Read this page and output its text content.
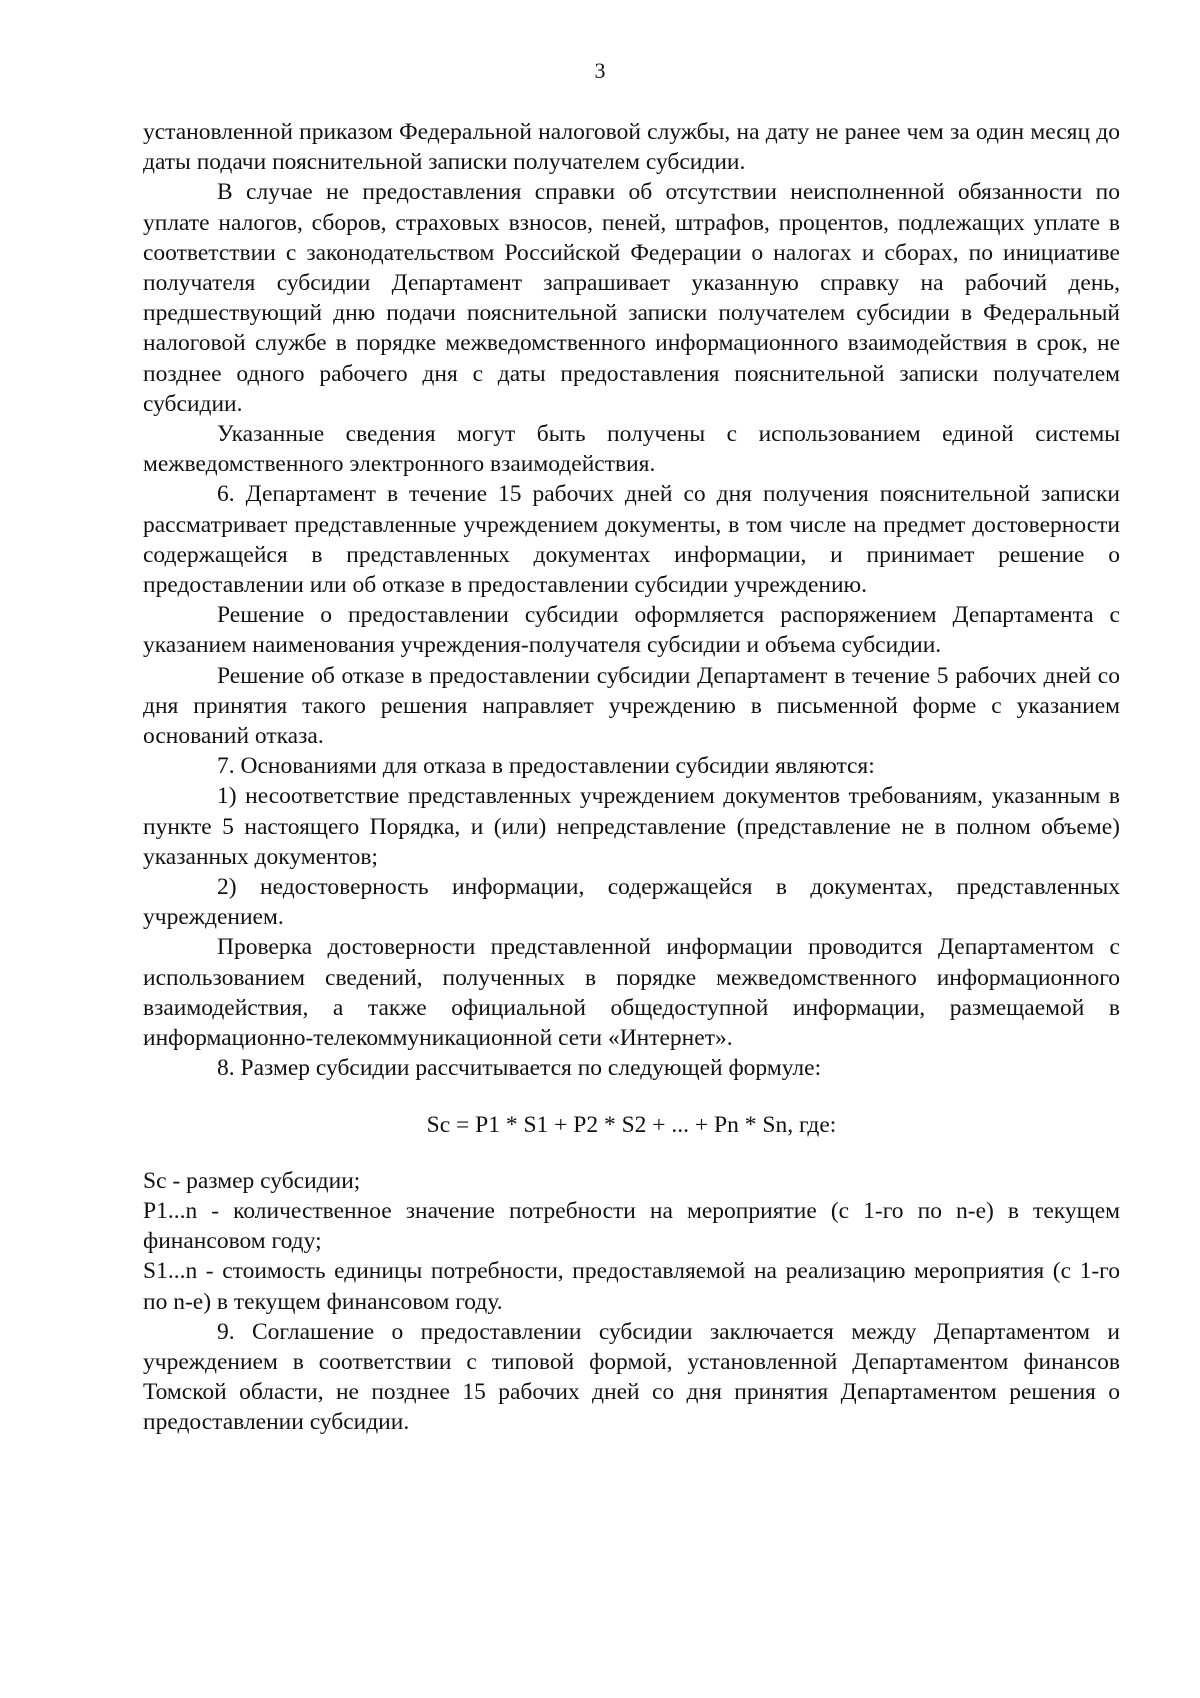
3

установленной приказом Федеральной налоговой службы, на дату не ранее чем за один месяц до даты подачи пояснительной записки получателем субсидии.

В случае не предоставления справки об отсутствии неисполненной обязанности по уплате налогов, сборов, страховых взносов, пеней, штрафов, процентов, подлежащих уплате в соответствии с законодательством Российской Федерации о налогах и сборах, по инициативе получателя субсидии Департамент запрашивает указанную справку на рабочий день, предшествующий дню подачи пояснительной записки получателем субсидии в Федеральный налоговой службе в порядке межведомственного информационного взаимодействия в срок, не позднее одного рабочего дня с даты предоставления пояснительной записки получателем субсидии.

Указанные сведения могут быть получены с использованием единой системы межведомственного электронного взаимодействия.

6. Департамент в течение 15 рабочих дней со дня получения пояснительной записки рассматривает представленные учреждением документы, в том числе на предмет достоверности содержащейся в представленных документах информации, и принимает решение о предоставлении или об отказе в предоставлении субсидии учреждению.

Решение о предоставлении субсидии оформляется распоряжением Департамента с указанием наименования учреждения-получателя субсидии и объема субсидии.

Решение об отказе в предоставлении субсидии Департамент в течение 5 рабочих дней со дня принятия такого решения направляет учреждению в письменной форме с указанием оснований отказа.

7. Основаниями для отказа в предоставлении субсидии являются:

1) несоответствие представленных учреждением документов требованиям, указанным в пункте 5 настоящего Порядка, и (или) непредставление (представление не в полном объеме) указанных документов;

2) недостоверность информации, содержащейся в документах, представленных учреждением.

Проверка достоверности представленной информации проводится Департаментом с использованием сведений, полученных в порядке межведомственного информационного взаимодействия, а также официальной общедоступной информации, размещаемой в информационно-телекоммуникационной сети «Интернет».

8. Размер субсидии рассчитывается по следующей формуле:

Sc = P1 * S1 + P2 * S2 + ... + Pn * Sn, где:

Sc - размер субсидии;

P1...n - количественное значение потребности на мероприятие (с 1-го по n-е) в текущем финансовом году;

S1...n - стоимость единицы потребности, предоставляемой на реализацию мероприятия (с 1-го по n-е) в текущем финансовом году.

9. Соглашение о предоставлении субсидии заключается между Департаментом и учреждением в соответствии с типовой формой, установленной Департаментом финансов Томской области, не позднее 15 рабочих дней со дня принятия Департаментом решения о предоставлении субсидии.
